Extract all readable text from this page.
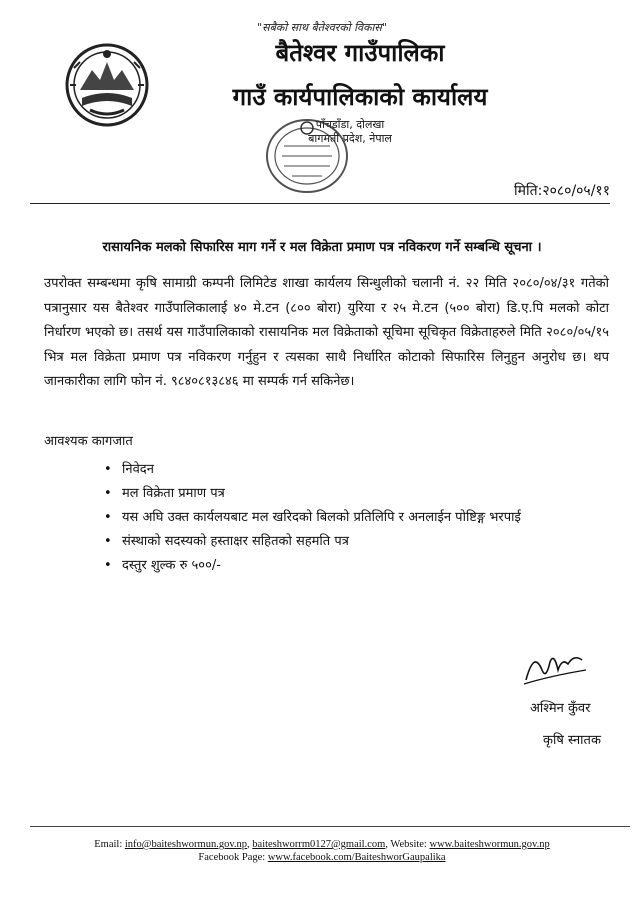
"सबैको साथ बैतेश्वरको विकास"
बैतेश्वर गाउँपालिका
गाउँ कार्यपालिकाको कार्यालय
पाँचडाँडा, दोलखा
बागमती प्रदेश, नेपाल
मिति:२०८०/०५/११
रासायनिक मलको सिफारिस माग गर्ने र मल विक्रेता प्रमाण पत्र नविकरण गर्ने सम्बन्धि सूचना ।
उपरोक्त सम्बन्धमा कृषि सामाग्री कम्पनी लिमिटेड शाखा कार्यलय सिन्धुलीको चलानी नं. २२ मिति २०८०/०४/३१ गतेको पत्रानुसार यस बैतेश्वर गाउँपालिकालाई ४० मे.टन (८०० बोरा) युरिया र २५ मे.टन (५०० बोरा) डि.ए.पि मलको कोटा निर्धारण भएको छ। तसर्थ यस गाउँपालिकाको रासायनिक मल विक्रेताको सूचिमा सूचिकृत विक्रेताहरुले मिति २०८०/०५/१५ भित्र मल विक्रेता प्रमाण पत्र नविकरण गर्नुहुन र त्यसका साथै निर्धारित कोटाको सिफारिस लिनुहुन अनुरोध छ। थप जानकारीका लागि फोन नं. ९८४०८१३८४६ मा सम्पर्क गर्न सकिनेछ।
आवश्यक कागजात
• निवेदन
• मल विक्रेता प्रमाण पत्र
• यस अघि उक्त कार्यलयबाट मल खरिदको बिलको प्रतिलिपि र अनलाईन पोष्टिङ्ग भरपाई
• संस्थाको सदस्यको हस्ताक्षर सहितको सहमति पत्र
• दस्तुर शुल्क रु ५००/-
अश्मिन कुँवर
कृषि स्नातक
Email: info@baiteshwormun.gov.np, baiteshworrm0127@gmail.com, Website: www.baiteshwormun.gov.np
Facebook Page: www.facebook.com/BaiteshworGaupalika
